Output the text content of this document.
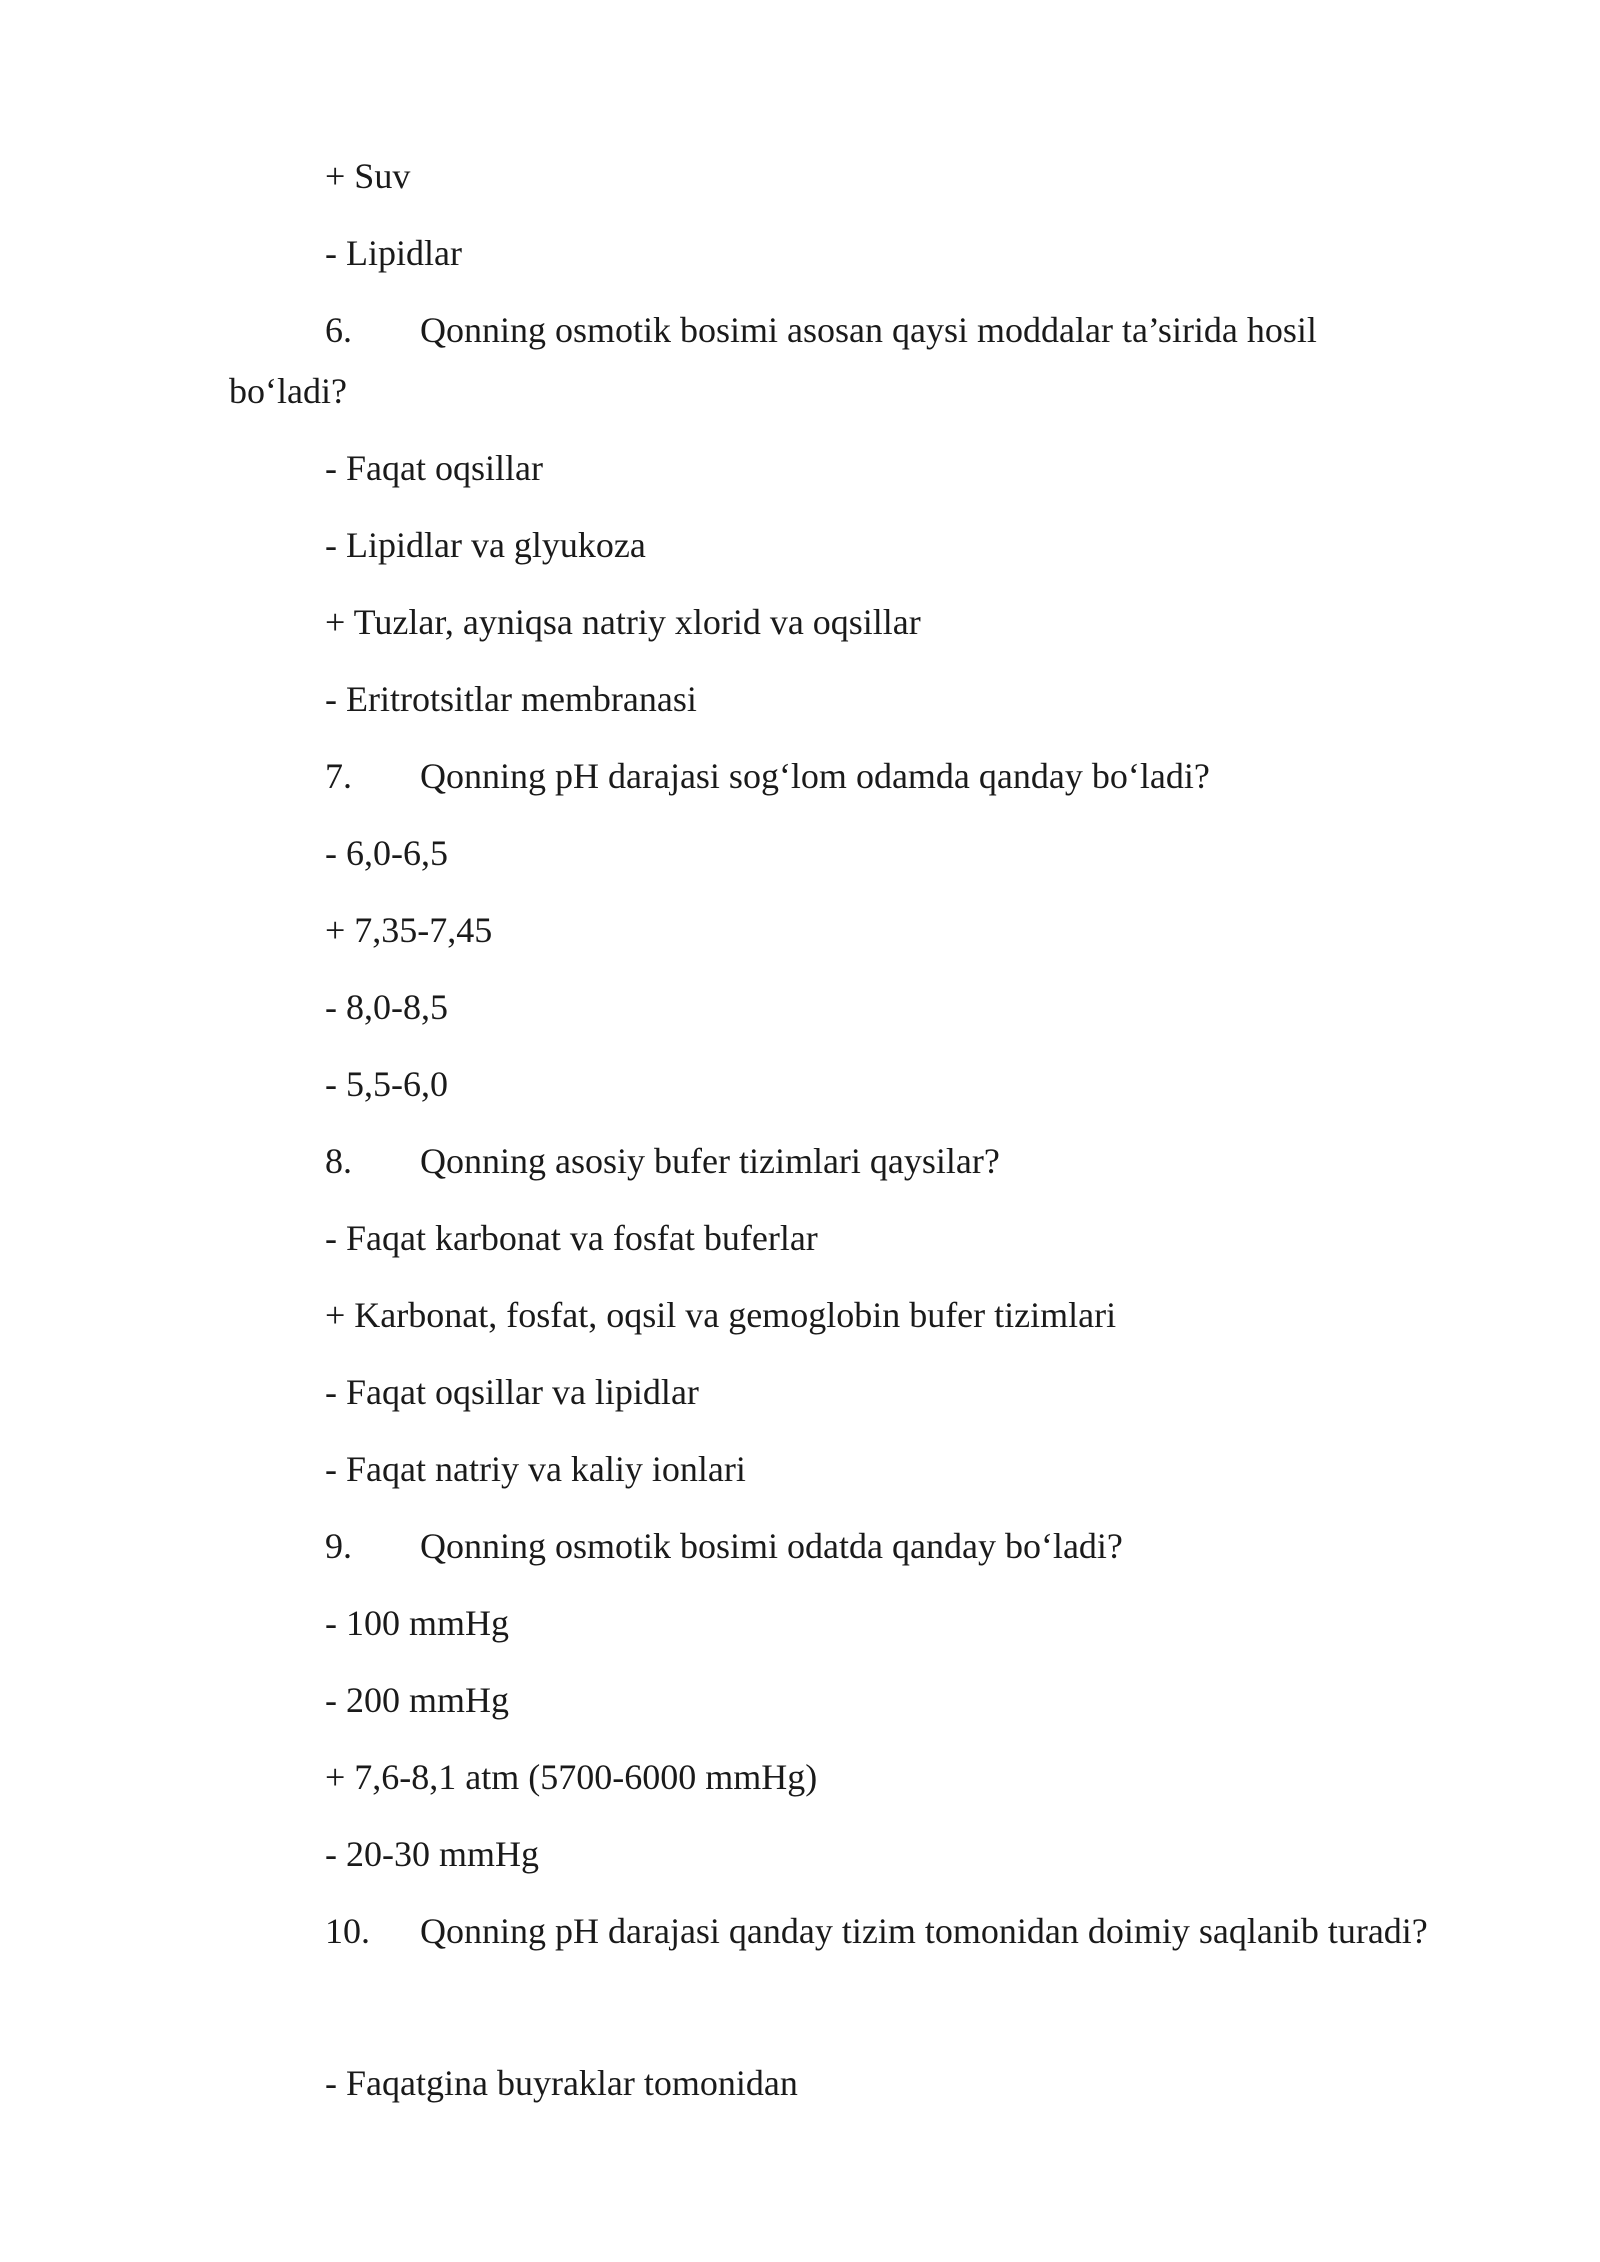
+ Suv
- Lipidlar
6. Qonning osmotik bosimi asosan qaysi moddalar ta’sirida hosil
bo‘ladi?
- Faqat oqsillar
- Lipidlar va glyukoza
+ Tuzlar, ayniqsa natriy xlorid va oqsillar
- Eritrotsitlar membranasi
7. Qonning pH darajasi sog‘lom odamda qanday bo‘ladi?
- 6,0-6,5
+ 7,35-7,45
- 8,0-8,5
- 5,5-6,0
8. Qonning asosiy bufer tizimlari qaysilar?
- Faqat karbonat va fosfat buferlar
+ Karbonat, fosfat, oqsil va gemoglobin bufer tizimlari
- Faqat oqsillar va lipidlar
- Faqat natriy va kaliy ionlari
9. Qonning osmotik bosimi odatda qanday bo‘ladi?
- 100 mmHg
- 200 mmHg
+ 7,6-8,1 atm (5700-6000 mmHg)
- 20-30 mmHg
10. Qonning pH darajasi qanday tizim tomonidan doimiy saqlanib turadi?
- Faqatgina buyraklar tomonidan
